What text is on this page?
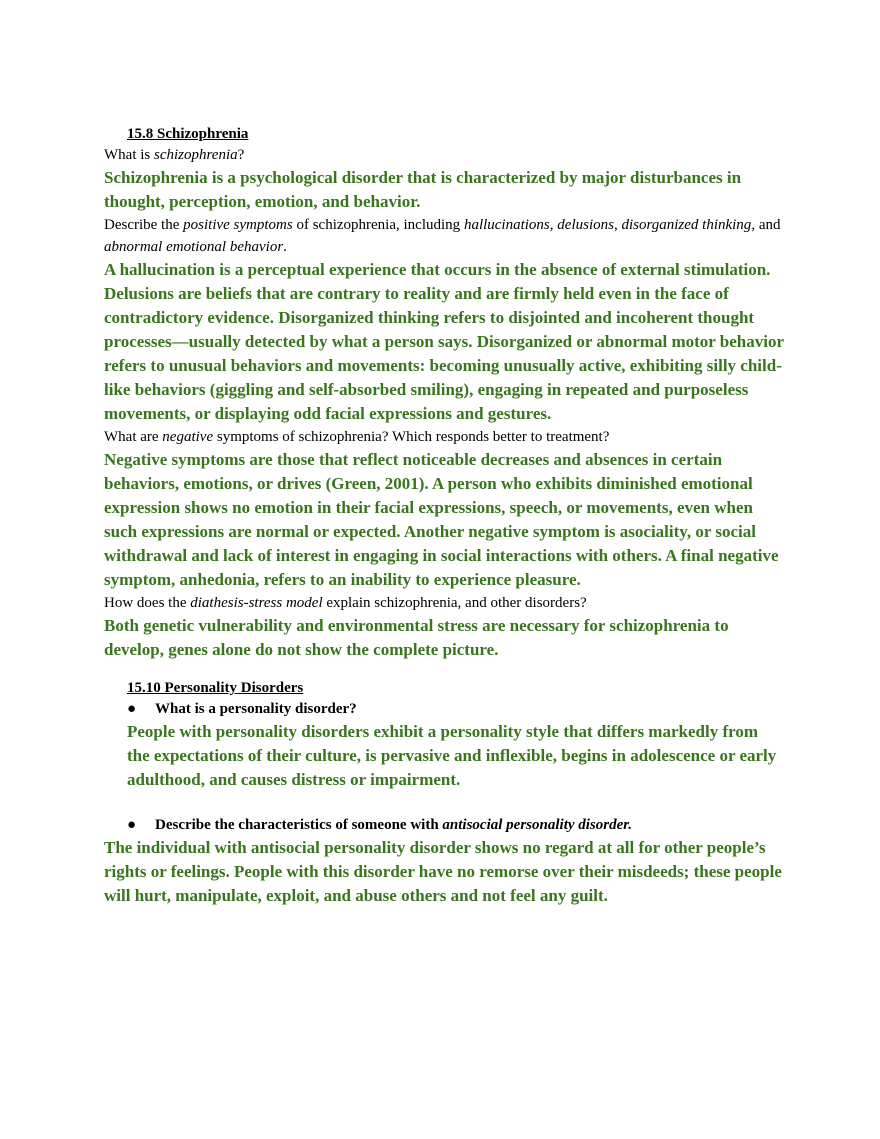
15.8 Schizophrenia
What is schizophrenia?
Schizophrenia is a psychological disorder that is characterized by major disturbances in thought, perception, emotion, and behavior.
Describe the positive symptoms of schizophrenia, including hallucinations, delusions, disorganized thinking, and abnormal emotional behavior.
A hallucination is a perceptual experience that occurs in the absence of external stimulation. Delusions are beliefs that are contrary to reality and are firmly held even in the face of contradictory evidence. Disorganized thinking refers to disjointed and incoherent thought processes—usually detected by what a person says. Disorganized or abnormal motor behavior refers to unusual behaviors and movements: becoming unusually active, exhibiting silly child-like behaviors (giggling and self-absorbed smiling), engaging in repeated and purposeless movements, or displaying odd facial expressions and gestures.
What are negative symptoms of schizophrenia? Which responds better to treatment?
Negative symptoms are those that reflect noticeable decreases and absences in certain behaviors, emotions, or drives (Green, 2001). A person who exhibits diminished emotional expression shows no emotion in their facial expressions, speech, or movements, even when such expressions are normal or expected. Another negative symptom is asociality, or social withdrawal and lack of interest in engaging in social interactions with others. A final negative symptom, anhedonia, refers to an inability to experience pleasure.
How does the diathesis-stress model explain schizophrenia, and other disorders?
Both genetic vulnerability and environmental stress are necessary for schizophrenia to develop, genes alone do not show the complete picture.
15.10 Personality Disorders
● What is a personality disorder?
People with personality disorders exhibit a personality style that differs markedly from the expectations of their culture, is pervasive and inflexible, begins in adolescence or early adulthood, and causes distress or impairment.
● Describe the characteristics of someone with antisocial personality disorder.
The individual with antisocial personality disorder shows no regard at all for other people’s rights or feelings. People with this disorder have no remorse over their misdeeds; these people will hurt, manipulate, exploit, and abuse others and not feel any guilt.
